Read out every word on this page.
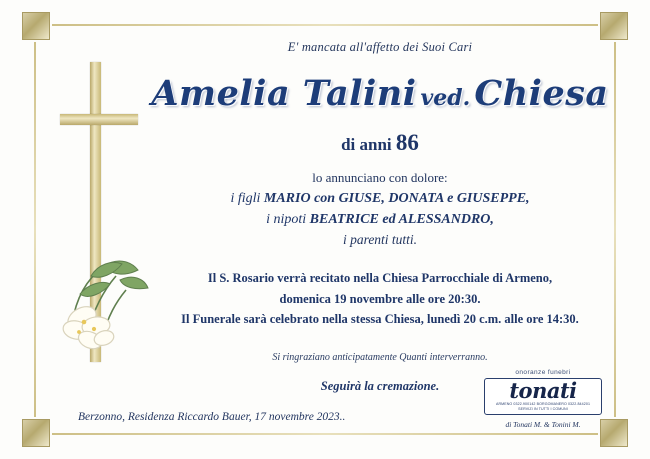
E' mancata all'affetto dei Suoi Cari
Amelia Talini ved. Chiesa
di anni 86
lo annunciano con dolore:
i figli MARIO con GIUSE, DONATA e GIUSEPPE,
i nipoti BEATRICE ed ALESSANDRO,
i parenti tutti.
Il S. Rosario verrà recitato nella Chiesa Parrocchiale di Armeno,
domenica 19 novembre alle ore 20:30.
Il Funerale sarà celebrato nella stessa Chiesa, lunedì 20 c.m. alle ore 14:30.
Si ringraziano anticipatamente Quanti interverranno.
Seguirà la cremazione.
Berzonno, Residenza Riccardo Bauer, 17 novembre 2023..
onoranze funebri
tonati
ARMENO 0322.900142 BORGOMANERO 0322.844201 SERVIZI IN TUTTI I COMUNI
di Tonati M. & Tonini M.
